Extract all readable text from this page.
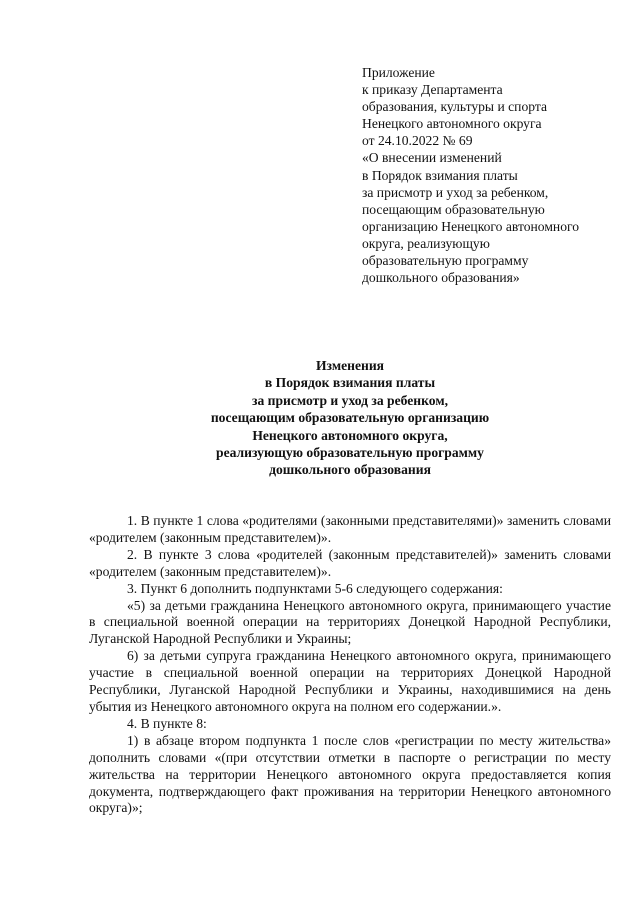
Приложение
к приказу Департамента
образования, культуры и спорта
Ненецкого автономного округа
от 24.10.2022 № 69
«О внесении изменений
в Порядок взимания платы
за присмотр и уход за ребенком,
посещающим образовательную
организацию Ненецкого автономного
округа, реализующую
образовательную программу
дошкольного образования»
Изменения
в Порядок взимания платы
за присмотр и уход за ребенком,
посещающим образовательную организацию
Ненецкого автономного округа,
реализующую образовательную программу
дошкольного образования

1. В пункте 1 слова «родителями (законными представителями)» заменить словами «родителем (законным представителем)».

2. В пункте 3 слова «родителей (законным представителей)» заменить словами «родителем (законным представителем)».

3. Пункт 6 дополнить подпунктами 5-6 следующего содержания:

«5) за детьми гражданина Ненецкого автономного округа, принимающего участие в специальной военной операции на территориях Донецкой Народной Республики, Луганской Народной Республики и Украины;

6) за детьми супруга гражданина Ненецкого автономного округа, принимающего участие в специальной военной операции на территориях Донецкой Народной Республики, Луганской Народной Республики и Украины, находившимися на день убытия из Ненецкого автономного округа на полном его содержании.».

4. В пункте 8:

1) в абзаце втором подпункта 1 после слов «регистрации по месту жительства» дополнить словами «(при отсутствии отметки в паспорте о регистрации по месту жительства на территории Ненецкого автономного округа предоставляется копия документа, подтверждающего факт проживания на территории Ненецкого автономного округа)»;
